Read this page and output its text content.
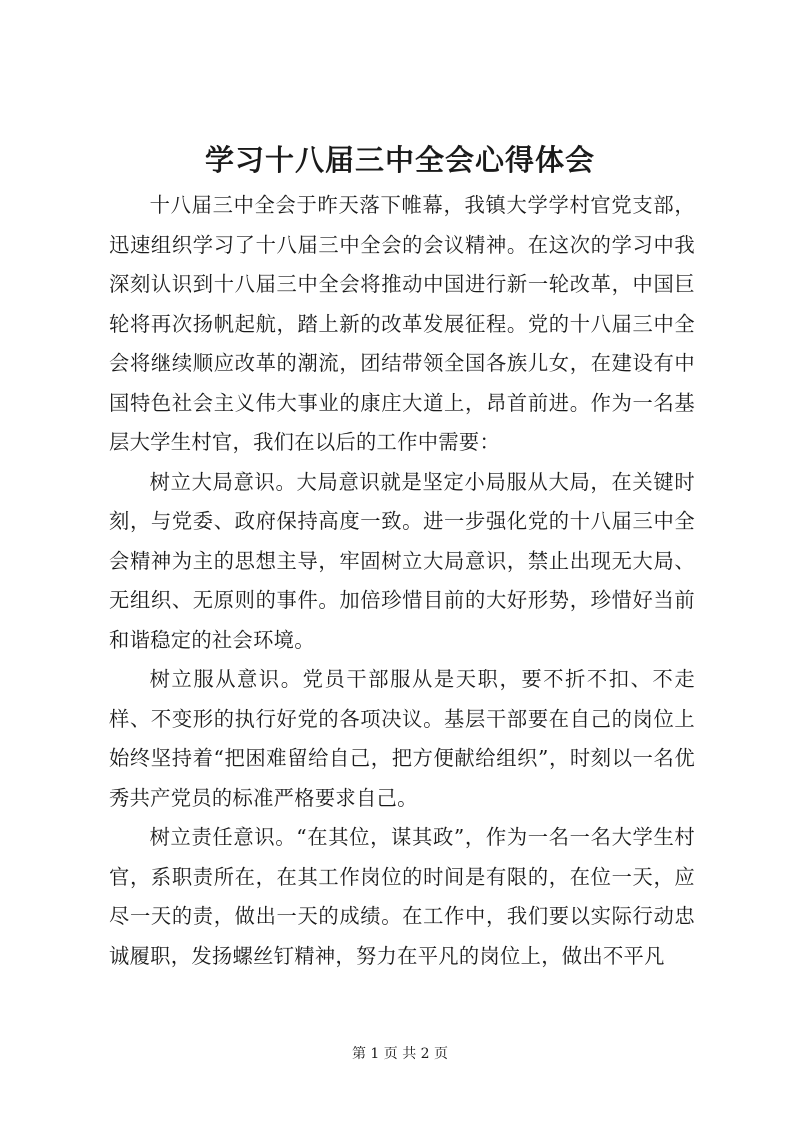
学习十八届三中全会心得体会

十八届三中全会于昨天落下帷幕，我镇大学学村官党支部，迅速组织学习了十八届三中全会的会议精神。在这次的学习中我深刻认识到十八届三中全会将推动中国进行新一轮改革，中国巨轮将再次扬帆起航，踏上新的改革发展征程。党的十八届三中全会将继续顺应改革的潮流，团结带领全国各族儿女，在建设有中国特色社会主义伟大事业的康庄大道上，昂首前进。作为一名基层大学生村官，我们在以后的工作中需要：

树立大局意识。大局意识就是坚定小局服从大局，在关键时刻，与党委、政府保持高度一致。进一步强化党的十八届三中全会精神为主的思想主导，牢固树立大局意识，禁止出现无大局、无组织、无原则的事件。加倍珍惜目前的大好形势，珍惜好当前和谐稳定的社会环境。

树立服从意识。党员干部服从是天职，要不折不扣、不走样、不变形的执行好党的各项决议。基层干部要在自己的岗位上始终坚持着“把困难留给自己，把方便献给组织”，时刻以一名优秀共产党员的标准严格要求自己。

树立责任意识。“在其位，谋其政”，作为一名一名大学生村官，系职责所在，在其工作岗位的时间是有限的，在位一天，应尽一天的责，做出一天的成绩。在工作中，我们要以实际行动忠诚履职，发扬螺丝钉精神，努力在平凡的岗位上，做出不平凡

第 1 页 共 2 页
